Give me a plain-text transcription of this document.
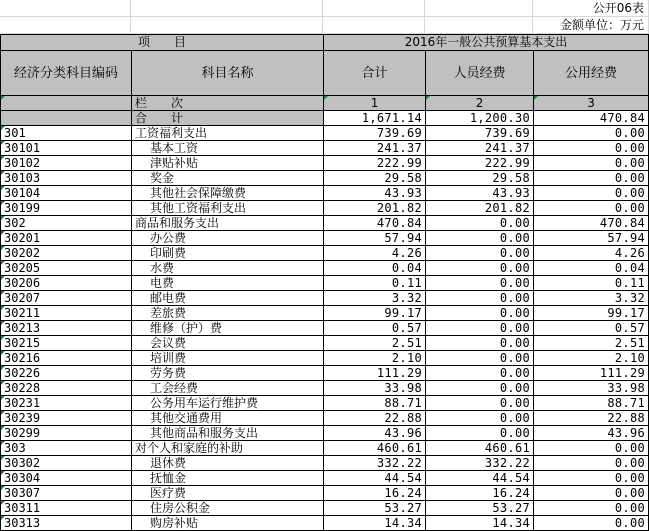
公开06表
金额单位：万元
项　　目		2016年一般公共预算基本支出		
经济分类科目编码	科目名称	合计	人员经费	公用经费
	栏　　次	1	2	3
	合　　计	1,671.14	1,200.30	470.84
301	工资福利支出	739.69	739.69	0.00
30101	基本工资	241.37	241.37	0.00
30102	津贴补贴	222.99	222.99	0.00
30103	奖金	29.58	29.58	0.00
30104	其他社会保障缴费	43.93	43.93	0.00
30199	其他工资福利支出	201.82	201.82	0.00
302	商品和服务支出	470.84	0.00	470.84
30201	办公费	57.94	0.00	57.94
30202	印刷费	4.26	0.00	4.26
30205	水费	0.04	0.00	0.04
30206	电费	0.11	0.00	0.11
30207	邮电费	3.32	0.00	3.32
30211	差旅费	99.17	0.00	99.17
30213	维修（护）费	0.57	0.00	0.57
30215	会议费	2.51	0.00	2.51
30216	培训费	2.10	0.00	2.10
30226	劳务费	111.29	0.00	111.29
30228	工会经费	33.98	0.00	33.98
30231	公务用车运行维护费	88.71	0.00	88.71
30239	其他交通费用	22.88	0.00	22.88
30299	其他商品和服务支出	43.96	0.00	43.96
303	对个人和家庭的补助	460.61	460.61	0.00
30302	退休费	332.22	332.22	0.00
30304	抚恤金	44.54	44.54	0.00
30307	医疗费	16.24	16.24	0.00
30311	住房公积金	53.27	53.27	0.00
30313	购房补贴	14.34	14.34	0.00
